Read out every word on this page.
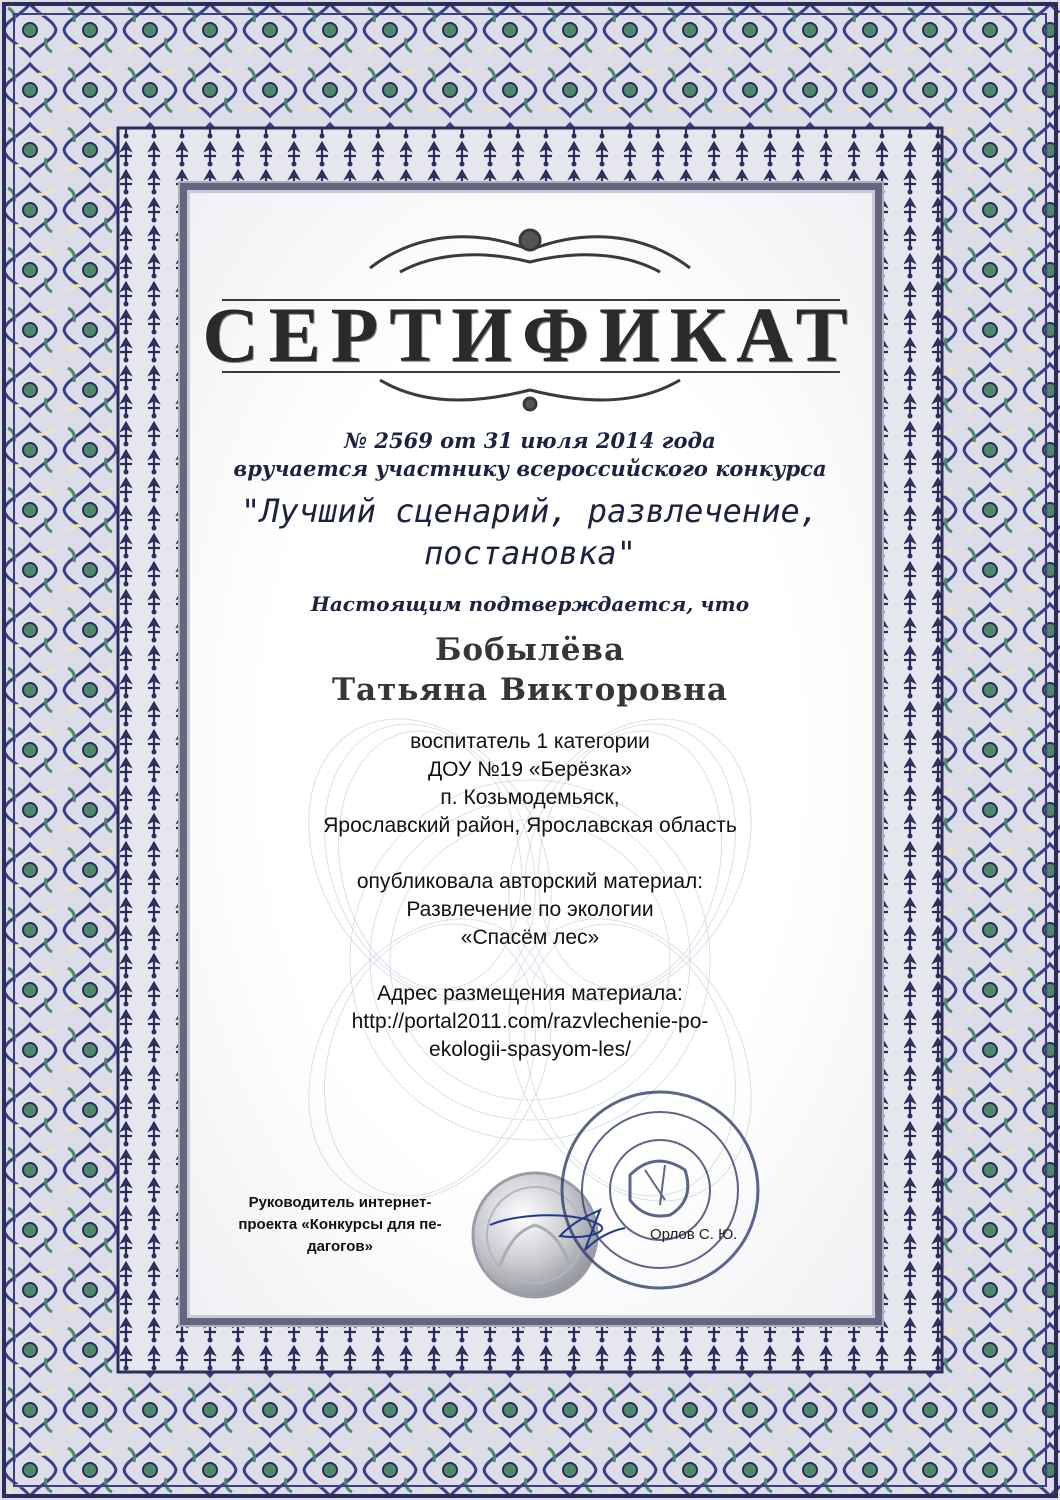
СЕРТИФИКАТ
№ 2569 от 31 июля 2014 года
вручается участнику всероссийского конкурса
"Лучший сценарий, развлечение,
постановка"
Настоящим подтверждается, что
Бобылёва
Татьяна Викторовна
воспитатель 1 категории
ДОУ №19 «Берёзка»
п. Козьмодемьяск,
Ярославский район, Ярославская область
опубликовала авторский материал:
Развлечение по экологии
«Спасём лес»
Адрес размещения материала:
http://portal2011.com/razvlechenie-po-
ekologii-spasyom-les/
Руководитель интернет-
проекта «Конкурсы для пе-
дагогов»
Орлов С. Ю.
